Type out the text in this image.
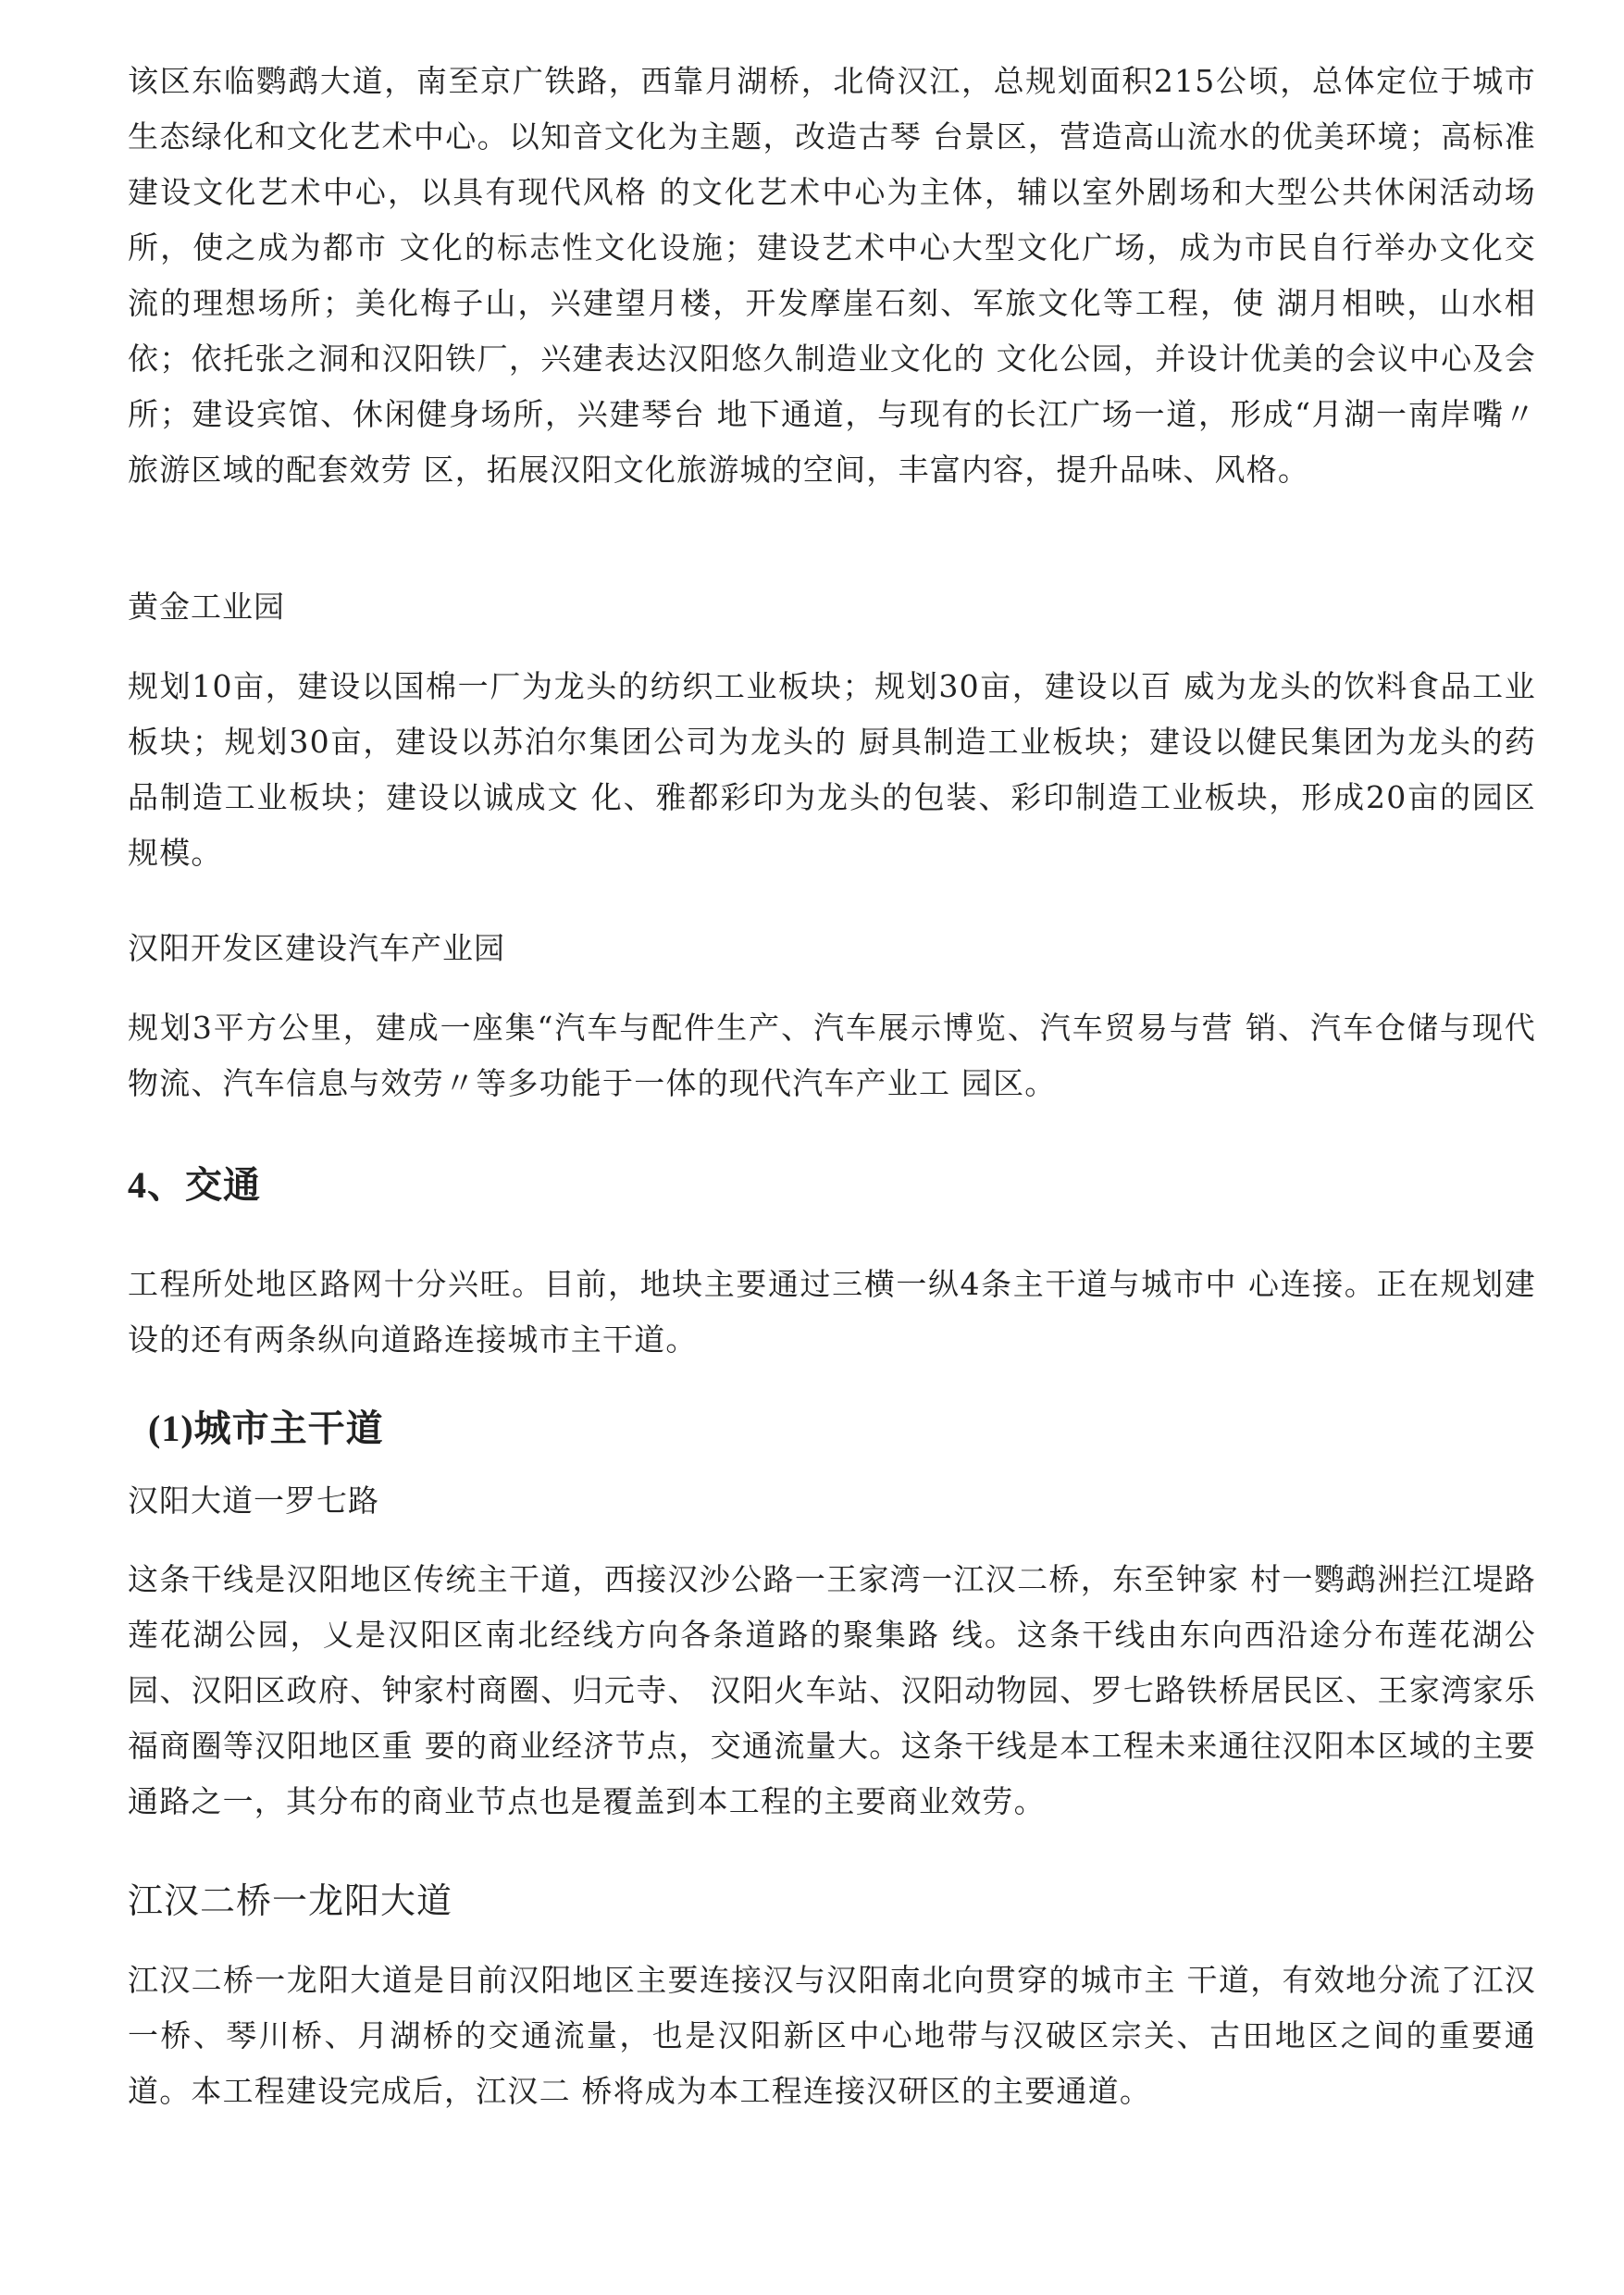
该区东临鹦鹉大道，南至京广铁路，西靠月湖桥，北倚汉江，总规划面积215公顷，总体定位于城市生态绿化和文化艺术中心。以知音文化为主题，改造古琴 台景区，营造高山流水的优美环境；高标准建设文化艺术中心，以具有现代风格 的文化艺术中心为主体，辅以室外剧场和大型公共休闲活动场所，使之成为都市 文化的标志性文化设施；建设艺术中心大型文化广场，成为市民自行举办文化交 流的理想场所；美化梅子山，兴建望月楼，开发摩崖石刻、军旅文化等工程，使 湖月相映，山水相依；依托张之洞和汉阳铁厂，兴建表达汉阳悠久制造业文化的 文化公园，并设计优美的会议中心及会所；建设宾馆、休闲健身场所，兴建琴台 地下通道，与现有的长江广场一道，形成“月湖一南岸嘴〃旅游区域的配套效劳 区，拓展汉阳文化旅游城的空间，丰富内容，提升品味、风格。

黄金工业园

规划10亩，建设以国棉一厂为龙头的纺织工业板块；规划30亩，建设以百 威为龙头的饮料食品工业板块；规划30亩，建设以苏泊尔集团公司为龙头的 厨具制造工业板块；建设以健民集团为龙头的药品制造工业板块；建设以诚成文 化、雅都彩印为龙头的包装、彩印制造工业板块，形成20亩的园区规模。

汉阳开发区建设汽车产业园

规划3平方公里，建成一座集“汽车与配件生产、汽车展示博览、汽车贸易与营 销、汽车仓储与现代物流、汽车信息与效劳〃等多功能于一体的现代汽车产业工 园区。

4、交通

工程所处地区路网十分兴旺。目前，地块主要通过三横一纵4条主干道与城市中 心连接。正在规划建设的还有两条纵向道路连接城市主干道。

(1)城市主干道

汉阳大道一罗七路

这条干线是汉阳地区传统主干道，西接汉沙公路一王家湾一江汉二桥，东至钟家 村一鹦鹉洲拦江堤路莲花湖公园，乂是汉阳区南北经线方向各条道路的聚集路 线。这条干线由东向西沿途分布莲花湖公园、汉阳区政府、钟家村商圈、归元寺、 汉阳火车站、汉阳动物园、罗七路铁桥居民区、王家湾家乐福商圈等汉阳地区重 要的商业经济节点，交通流量大。这条干线是本工程未来通往汉阳本区域的主要 通路之一，其分布的商业节点也是覆盖到本工程的主要商业效劳。

江汉二桥一龙阳大道

江汉二桥一龙阳大道是目前汉阳地区主要连接汉与汉阳南北向贯穿的城市主 干道，有效地分流了江汉一桥、琴川桥、月湖桥的交通流量，也是汉阳新区中心地带与汉破区宗关、古田地区之间的重要通道。本工程建设完成后，江汉二 桥将成为本工程连接汉研区的主要通道。
